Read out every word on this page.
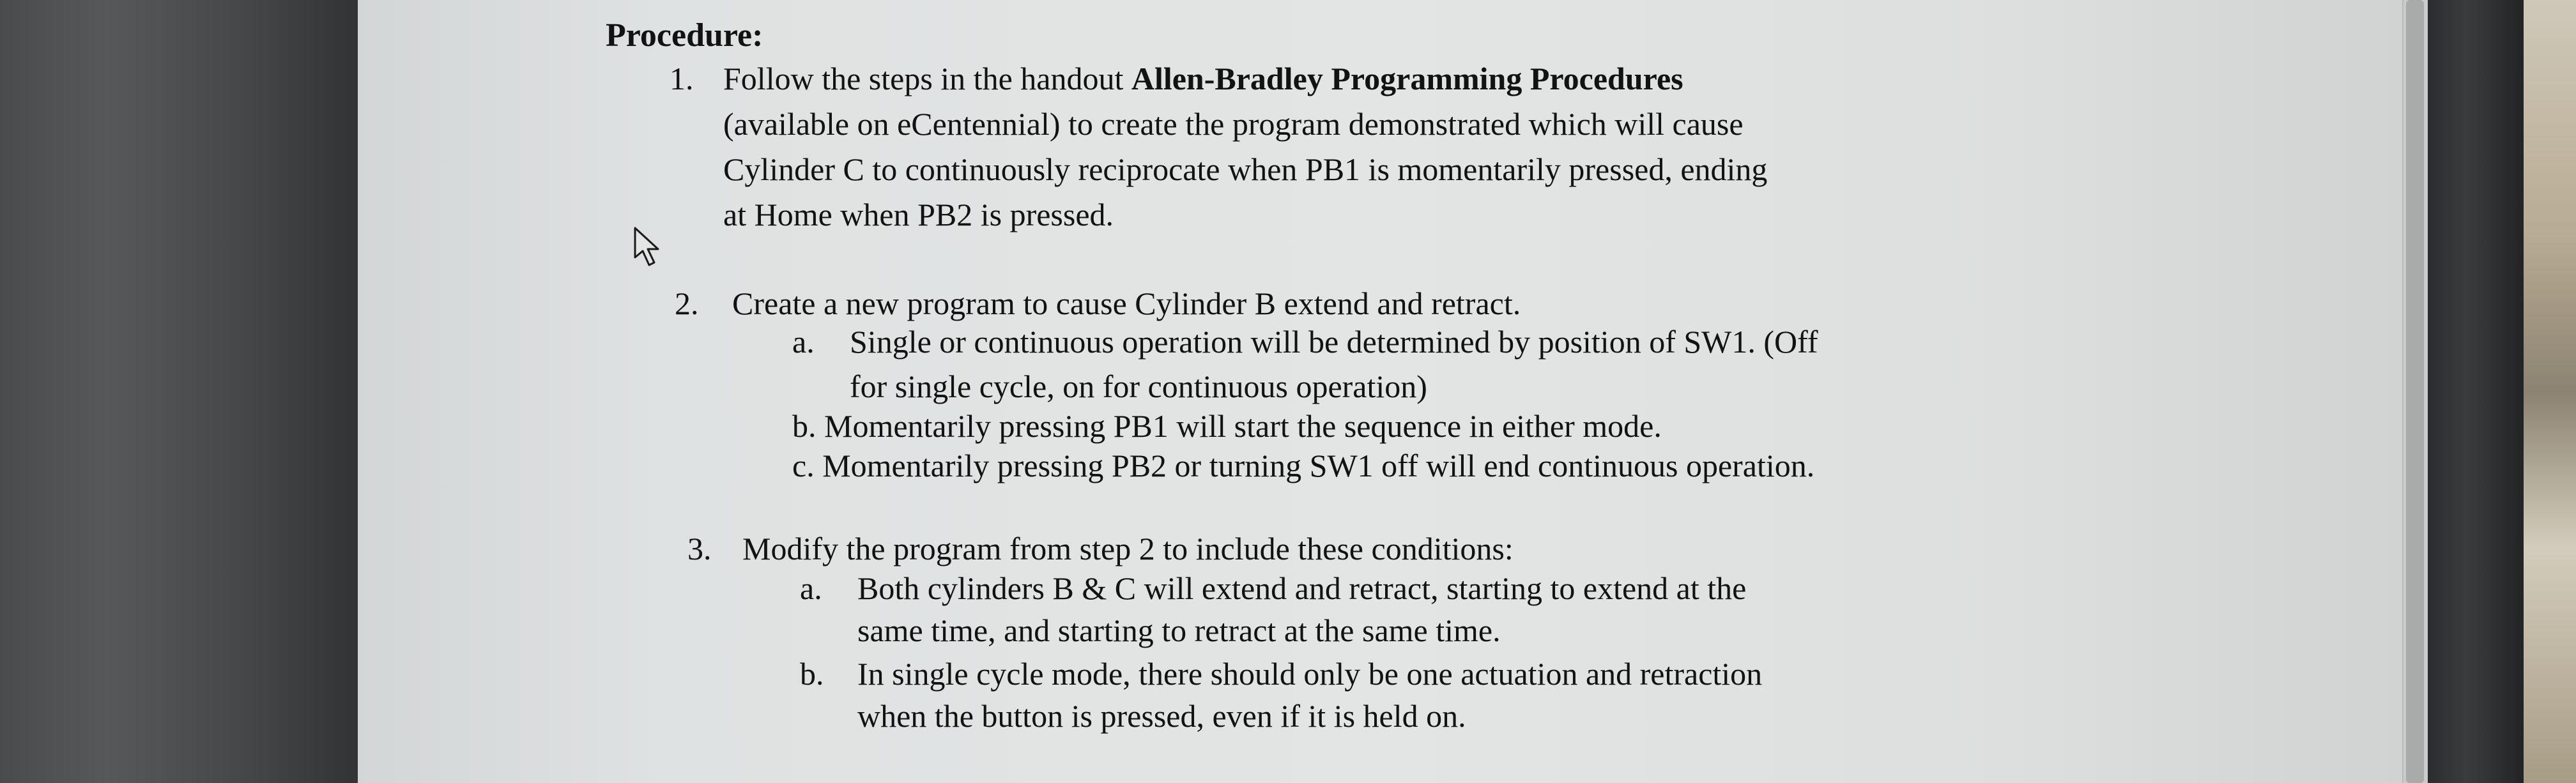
Procedure:
1. Follow the steps in the handout Allen-Bradley Programming Procedures
(available on eCentennial) to create the program demonstrated which will cause
Cylinder C to continuously reciprocate when PB1 is momentarily pressed, ending
at Home when PB2 is pressed.
2. Create a new program to cause Cylinder B extend and retract.
a. Single or continuous operation will be determined by position of SW1. (Off
for single cycle, on for continuous operation)
b. Momentarily pressing PB1 will start the sequence in either mode.
c. Momentarily pressing PB2 or turning SW1 off will end continuous operation.
3. Modify the program from step 2 to include these conditions:
a. Both cylinders B & C will extend and retract, starting to extend at the
same time, and starting to retract at the same time.
b. In single cycle mode, there should only be one actuation and retraction
when the button is pressed, even if it is held on.
